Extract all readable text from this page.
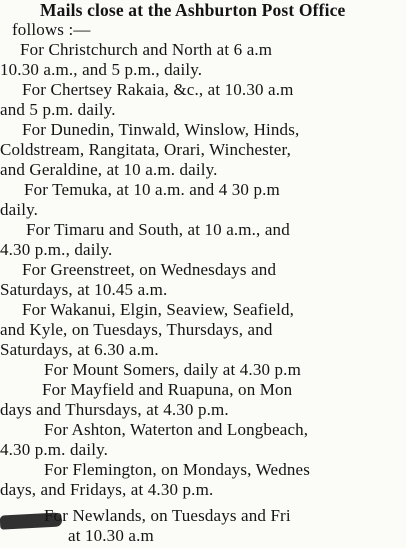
Mails close at the Ashburton Post Office
follows :—
For Christchurch and North at 6 a.m
10.30 a.m., and 5 p.m., daily.
For Chertsey Rakaia, &c., at 10.30 a.m
and 5 p.m. daily.
For Dunedin, Tinwald, Winslow, Hinds,
Coldstream, Rangitata, Orari, Winchester,
and Geraldine, at 10 a.m. daily.
For Temuka, at 10 a.m. and 4 30 p.m
daily.
For Timaru and South, at 10 a.m., and
4.30 p.m., daily.
For Greenstreet, on Wednesdays and
Saturdays, at 10.45 a.m.
For Wakanui, Elgin, Seaview, Seafield,
and Kyle, on Tuesdays, Thursdays, and
Saturdays, at 6.30 a.m.
For Mount Somers, daily at 4.30 p.m
For Mayfield and Ruapuna, on Mon
days and Thursdays, at 4.30 p.m.
For Ashton, Waterton and Longbeach,
4.30 p.m. daily.
For Flemington, on Mondays, Wednes
days, and Fridays, at 4.30 p.m.
For Newlands, on Tuesdays and Fri
at 10.30 a.m
